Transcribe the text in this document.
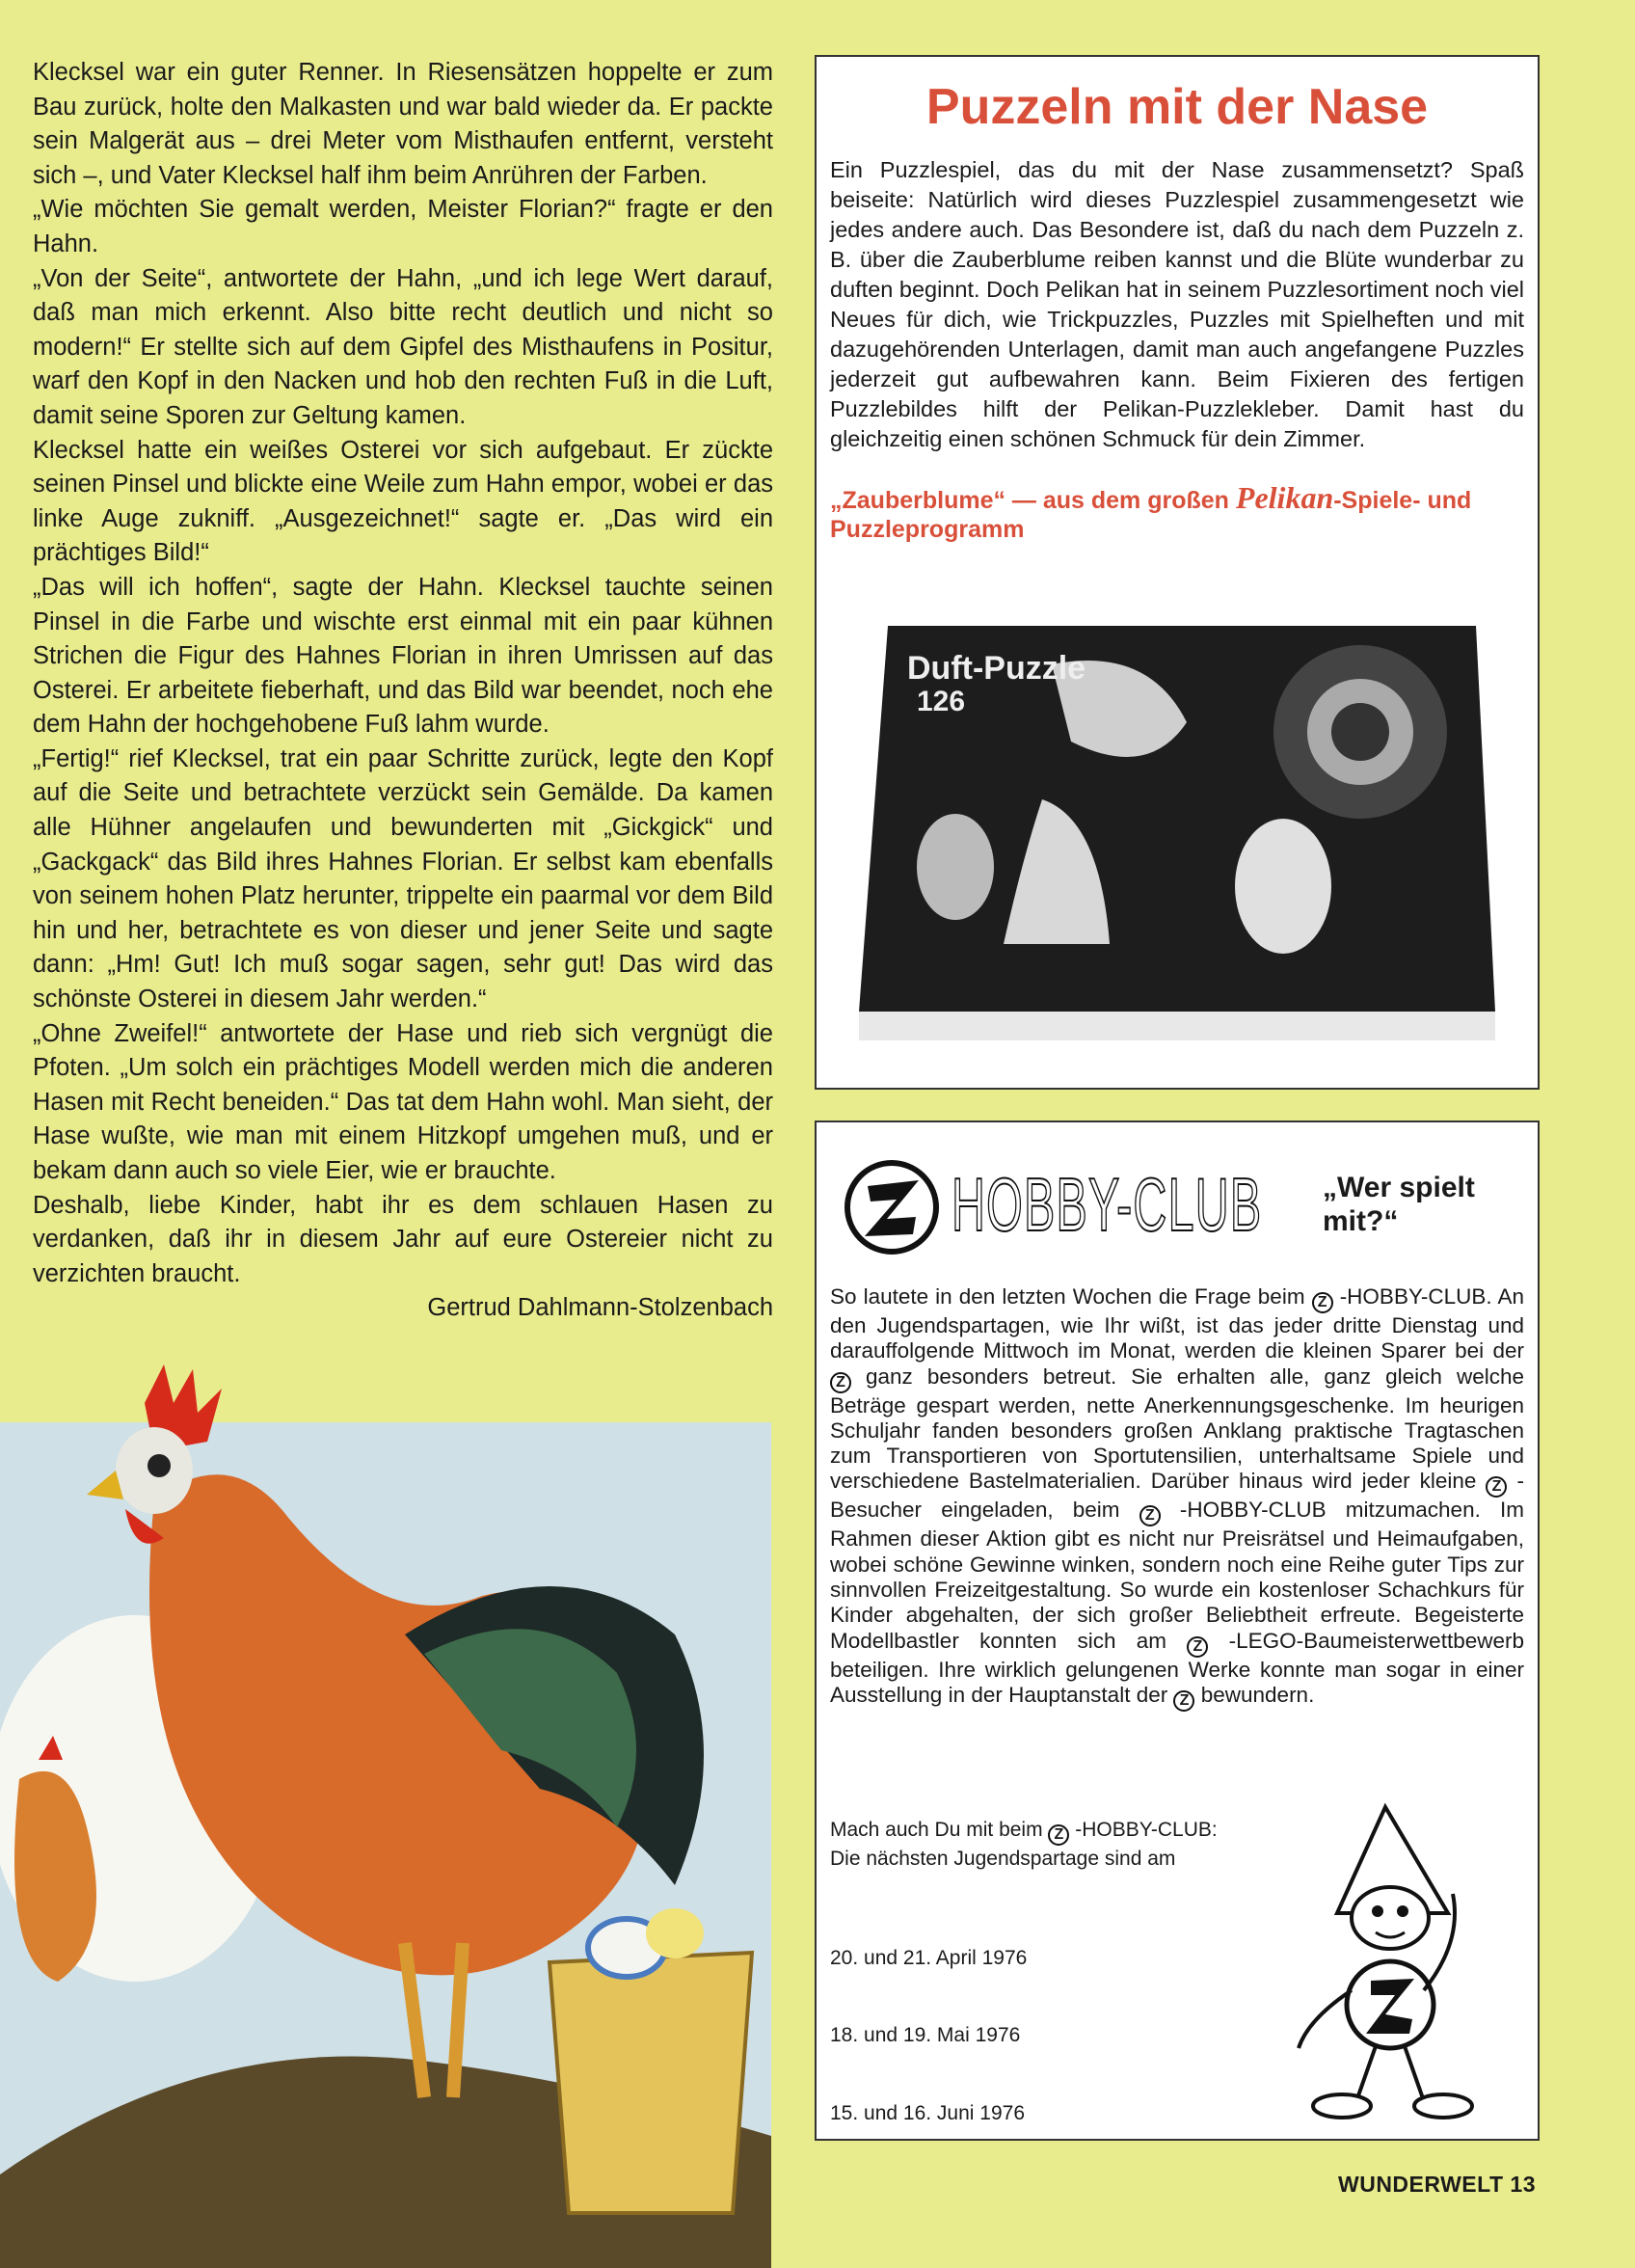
Klecksel war ein guter Renner. In Riesensätzen hoppelte er zum Bau zurück, holte den Malkasten und war bald wieder da. Er packte sein Malgerät aus – drei Meter vom Misthaufen entfernt, versteht sich –, und Vater Klecksel half ihm beim Anrühren der Farben.

„Wie möchten Sie gemalt werden, Meister Florian?“ fragte er den Hahn.

„Von der Seite“, antwortete der Hahn, „und ich lege Wert darauf, daß man mich erkennt. Also bitte recht deutlich und nicht so modern!“ Er stellte sich auf dem Gipfel des Misthaufens in Positur, warf den Kopf in den Nacken und hob den rechten Fuß in die Luft, damit seine Sporen zur Geltung kamen.

Klecksel hatte ein weißes Osterei vor sich aufgebaut. Er zückte seinen Pinsel und blickte eine Weile zum Hahn empor, wobei er das linke Auge zukniff. „Ausgezeichnet!“ sagte er. „Das wird ein prächtiges Bild!“

„Das will ich hoffen“, sagte der Hahn. Klecksel tauchte seinen Pinsel in die Farbe und wischte erst einmal mit ein paar kühnen Strichen die Figur des Hahnes Florian in ihren Umrissen auf das Osterei. Er arbeitete fieberhaft, und das Bild war beendet, noch ehe dem Hahn der hochgehobene Fuß lahm wurde.

„Fertig!“ rief Klecksel, trat ein paar Schritte zurück, legte den Kopf auf die Seite und betrachtete verzückt sein Gemälde. Da kamen alle Hühner angelaufen und bewunderten mit „Gickgick“ und „Gackgack“ das Bild ihres Hahnes Florian. Er selbst kam ebenfalls von seinem hohen Platz herunter, trippelte ein paarmal vor dem Bild hin und her, betrachtete es von dieser und jener Seite und sagte dann: „Hm! Gut! Ich muß sogar sagen, sehr gut! Das wird das schönste Osterei in diesem Jahr werden.“

„Ohne Zweifel!“ antwortete der Hase und rieb sich vergnügt die Pfoten. „Um solch ein prächtiges Modell werden mich die anderen Hasen mit Recht beneiden.“ Das tat dem Hahn wohl. Man sieht, der Hase wußte, wie man mit einem Hitzkopf umgehen muß, und er bekam dann auch so viele Eier, wie er brauchte.

Deshalb, liebe Kinder, habt ihr es dem schlauen Hasen zu verdanken, daß ihr in diesem Jahr auf eure Ostereier nicht zu verzichten braucht.

Gertrud Dahlmann-Stolzenbach

Puzzeln mit der Nase

Ein Puzzlespiel, das du mit der Nase zusammensetzt? Spaß beiseite: Natürlich wird dieses Puzzlespiel zusammengesetzt wie jedes andere auch. Das Besondere ist, daß du nach dem Puzzeln z. B. über die Zauberblume reiben kannst und die Blüte wunderbar zu duften beginnt. Doch Pelikan hat in seinem Puzzlesortiment noch viel Neues für dich, wie Trickpuzzles, Puzzles mit Spielheften und mit dazugehörenden Unterlagen, damit man auch angefangene Puzzles jederzeit gut aufbewahren kann. Beim Fixieren des fertigen Puzzlebildes hilft der Pelikan-Puzzlekleber. Damit hast du gleichzeitig einen schönen Schmuck für dein Zimmer.

„Zauberblume“ — aus dem großen Pelikan-Spiele- und Puzzleprogramm

Duft-Puzzle
126
HOBBY-CLUB „Wer spielt mit?“

So lautete in den letzten Wochen die Frage beim Z -HOBBY-CLUB. An den Jugendspartagen, wie Ihr wißt, ist das jeder dritte Dienstag und darauffolgende Mittwoch im Monat, werden die kleinen Sparer bei der Z ganz besonders betreut. Sie erhalten alle, ganz gleich welche Beträge gespart werden, nette Anerkennungsgeschenke. Im heurigen Schuljahr fanden besonders großen Anklang praktische Tragtaschen zum Transportieren von Sportutensilien, unterhaltsame Spiele und verschiedene Bastelmaterialien. Darüber hinaus wird jeder kleine Z -Besucher eingeladen, beim Z -HOBBY-CLUB mitzumachen. Im Rahmen dieser Aktion gibt es nicht nur Preisrätsel und Heimaufgaben, wobei schöne Gewinne winken, sondern noch eine Reihe guter Tips zur sinnvollen Freizeitgestaltung. So wurde ein kostenloser Schachkurs für Kinder abgehalten, der sich großer Beliebtheit erfreute. Begeisterte Modellbastler konnten sich am Z -LEGO-Baumeisterwettbewerb beteiligen. Ihre wirklich gelungenen Werke konnte man sogar in einer Ausstellung in der Hauptanstalt der Z bewundern.

Mach auch Du mit beim Z -HOBBY-CLUB: Die nächsten Jugendspartage sind am

20. und 21. April 1976

18. und 19. Mai 1976

15. und 16. Juni 1976

WUNDERWELT 13
